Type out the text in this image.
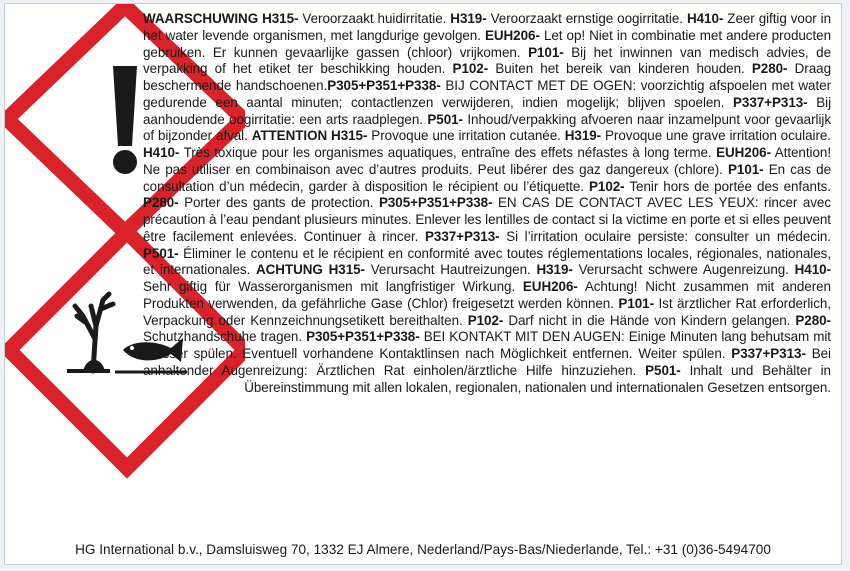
WAARSCHUWING H315- Veroorzaakt huidirritatie. H319- Veroorzaakt ernstige oogirritatie. H410- Zeer giftig voor in het water levende organismen, met langdurige gevolgen. EUH206- Let op! Niet in combinatie met andere producten gebruiken. Er kunnen gevaarlijke gassen (chloor) vrijkomen. P101- Bij het inwinnen van medisch advies, de verpakking of het etiket ter beschikking houden. P102- Buiten het bereik van kinderen houden. P280- Draag beschermende handschoenen.P305+P351+P338- BIJ CONTACT MET DE OGEN: voorzichtig afspoelen met water gedurende een aantal minuten; contactlenzen verwijderen, indien mogelijk; blijven spoelen. P337+P313- Bij aanhoudende oogirritatie: een arts raadplegen. P501- Inhoud/verpakking afvoeren naar inzamelpunt voor gevaarlijk of bijzonder afval. ATTENTION H315- Provoque une irritation cutanée. H319- Provoque une grave irritation oculaire. H410- Très toxique pour les organismes aquatiques, entraîne des effets néfastes à long terme. EUH206- Attention! Ne pas utiliser en combinaison avec d’autres produits. Peut libérer des gaz dangereux (chlore). P101- En cas de consultation d’un médecin, garder à disposition le récipient ou l’étiquette. P102- Tenir hors de portée des enfants. P280- Porter des gants de protection. P305+P351+P338- EN CAS DE CONTACT AVEC LES YEUX: rincer avec précaution à l’eau pendant plusieurs minutes. Enlever les lentilles de contact si la victime en porte et si elles peuvent être facilement enlevées. Continuer à rincer. P337+P313- Si l’irritation oculaire persiste: consulter un médecin. P501- Éliminer le contenu et le récipient en conformité avec toutes réglementations locales, régionales, nationales, et internationales. ACHTUNG H315- Verursacht Hautreizungen. H319- Verursacht schwere Augenreizung. H410- Sehr giftig für Wasserorganismen mit langfristiger Wirkung. EUH206- Achtung! Nicht zusammen mit anderen Produkten verwenden, da gefährliche Gase (Chlor) freigesetzt werden können. P101- Ist ärztlicher Rat erforderlich, Verpackung oder Kennzeichnungsetikett bereithalten. P102- Darf nicht in die Hände von Kindern gelangen. P280- Schutzhandschuhe tragen. P305+P351+P338- BEI KONTAKT MIT DEN AUGEN: Einige Minuten lang behutsam mit Wasser spülen. Eventuell vorhandene Kontaktlinsen nach Möglichkeit entfernen. Weiter spülen. P337+P313- Bei anhaltender Augenreizung: Ärztlichen Rat einholen/ärztliche Hilfe hinzuziehen. P501- Inhalt und Behälter in Übereinstimmung mit allen lokalen, regionalen, nationalen und internationalen Gesetzen entsorgen.
HG International b.v., Damsluisweg 70, 1332 EJ Almere, Nederland/Pays-Bas/Niederlande, Tel.: +31 (0)36-5494700
